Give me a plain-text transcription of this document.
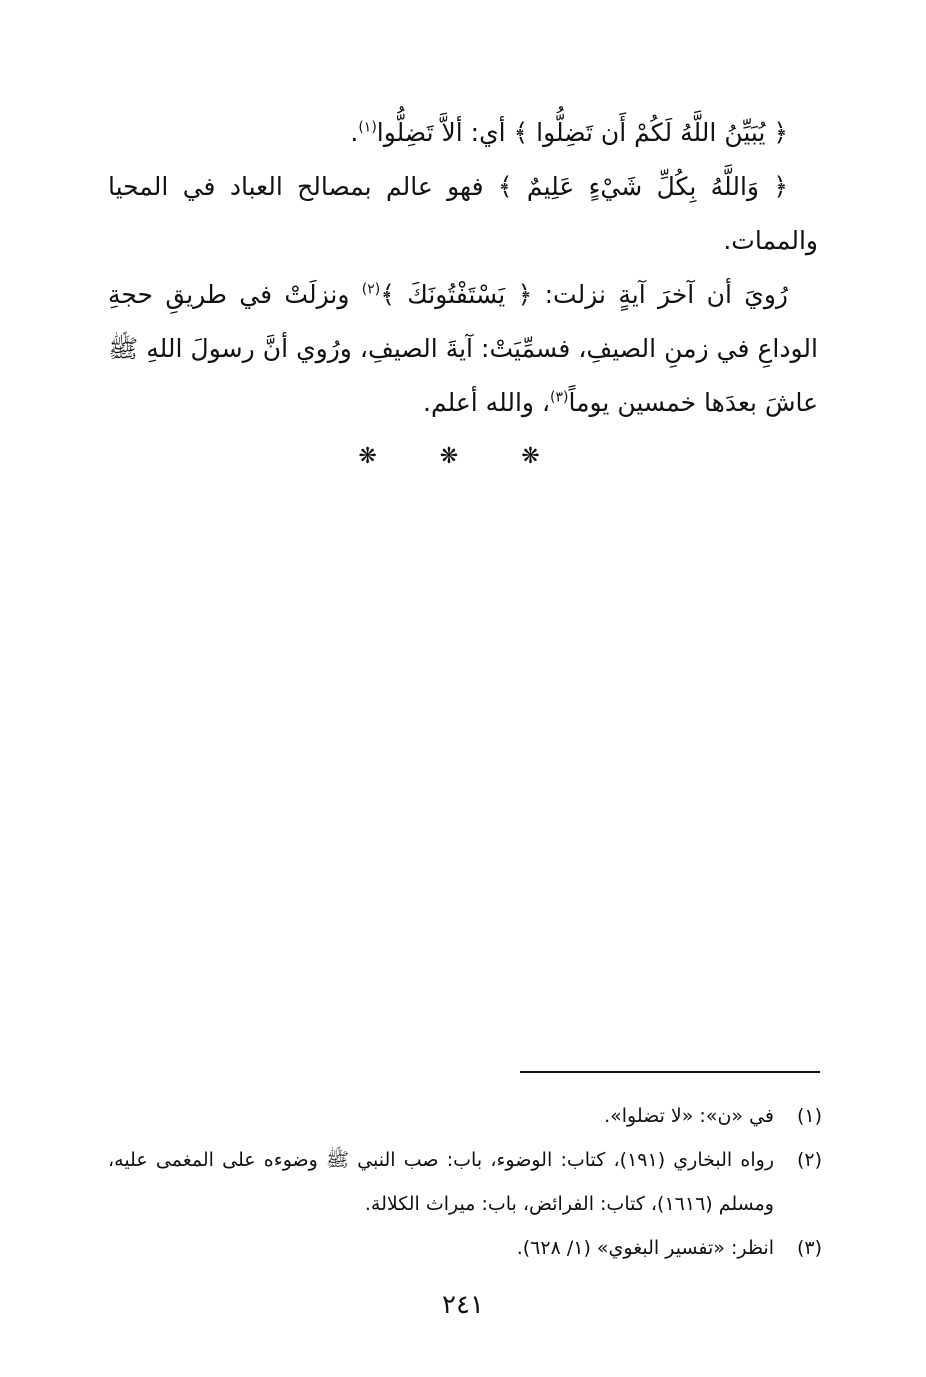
﴿ يُبَيِّنُ اللَّهُ لَكُمْ أَن تَضِلُّوا ﴾ أي: ألاَّ تَضِلُّوا$^{(١)}$.

﴿ وَاللَّهُ بِكُلِّ شَيْءٍ عَلِيمٌ ﴾ فهو عالم بمصالح العباد في المحيا والممات.

رُويَ أن آخرَ آيةٍ نزلت: ﴿ يَسْتَفْتُونَكَ ﴾$^{(٢)}$ ونزلَتْ في طريقِ حجةِ الوداعِ في زمنِ الصيفِ، فسمِّيَتْ: آيةَ الصيفِ، ورُوي أنَّ رسولَ اللهِ ﷺ عاشَ بعدَها خمسين يوماً$^{(٣)}$، والله أعلم.

❋ ❋ ❋
(١)
في «ن»: «لا تضلوا».
(٢)
رواه البخاري (١٩١)، كتاب: الوضوء، باب: صب النبي ﷺ وضوءه على المغمى عليه، ومسلم (١٦١٦)، كتاب: الفرائض، باب: ميراث الكلالة.
(٣)
انظر: «تفسير البغوي» (١/ ٦٢٨).
٢٤١
